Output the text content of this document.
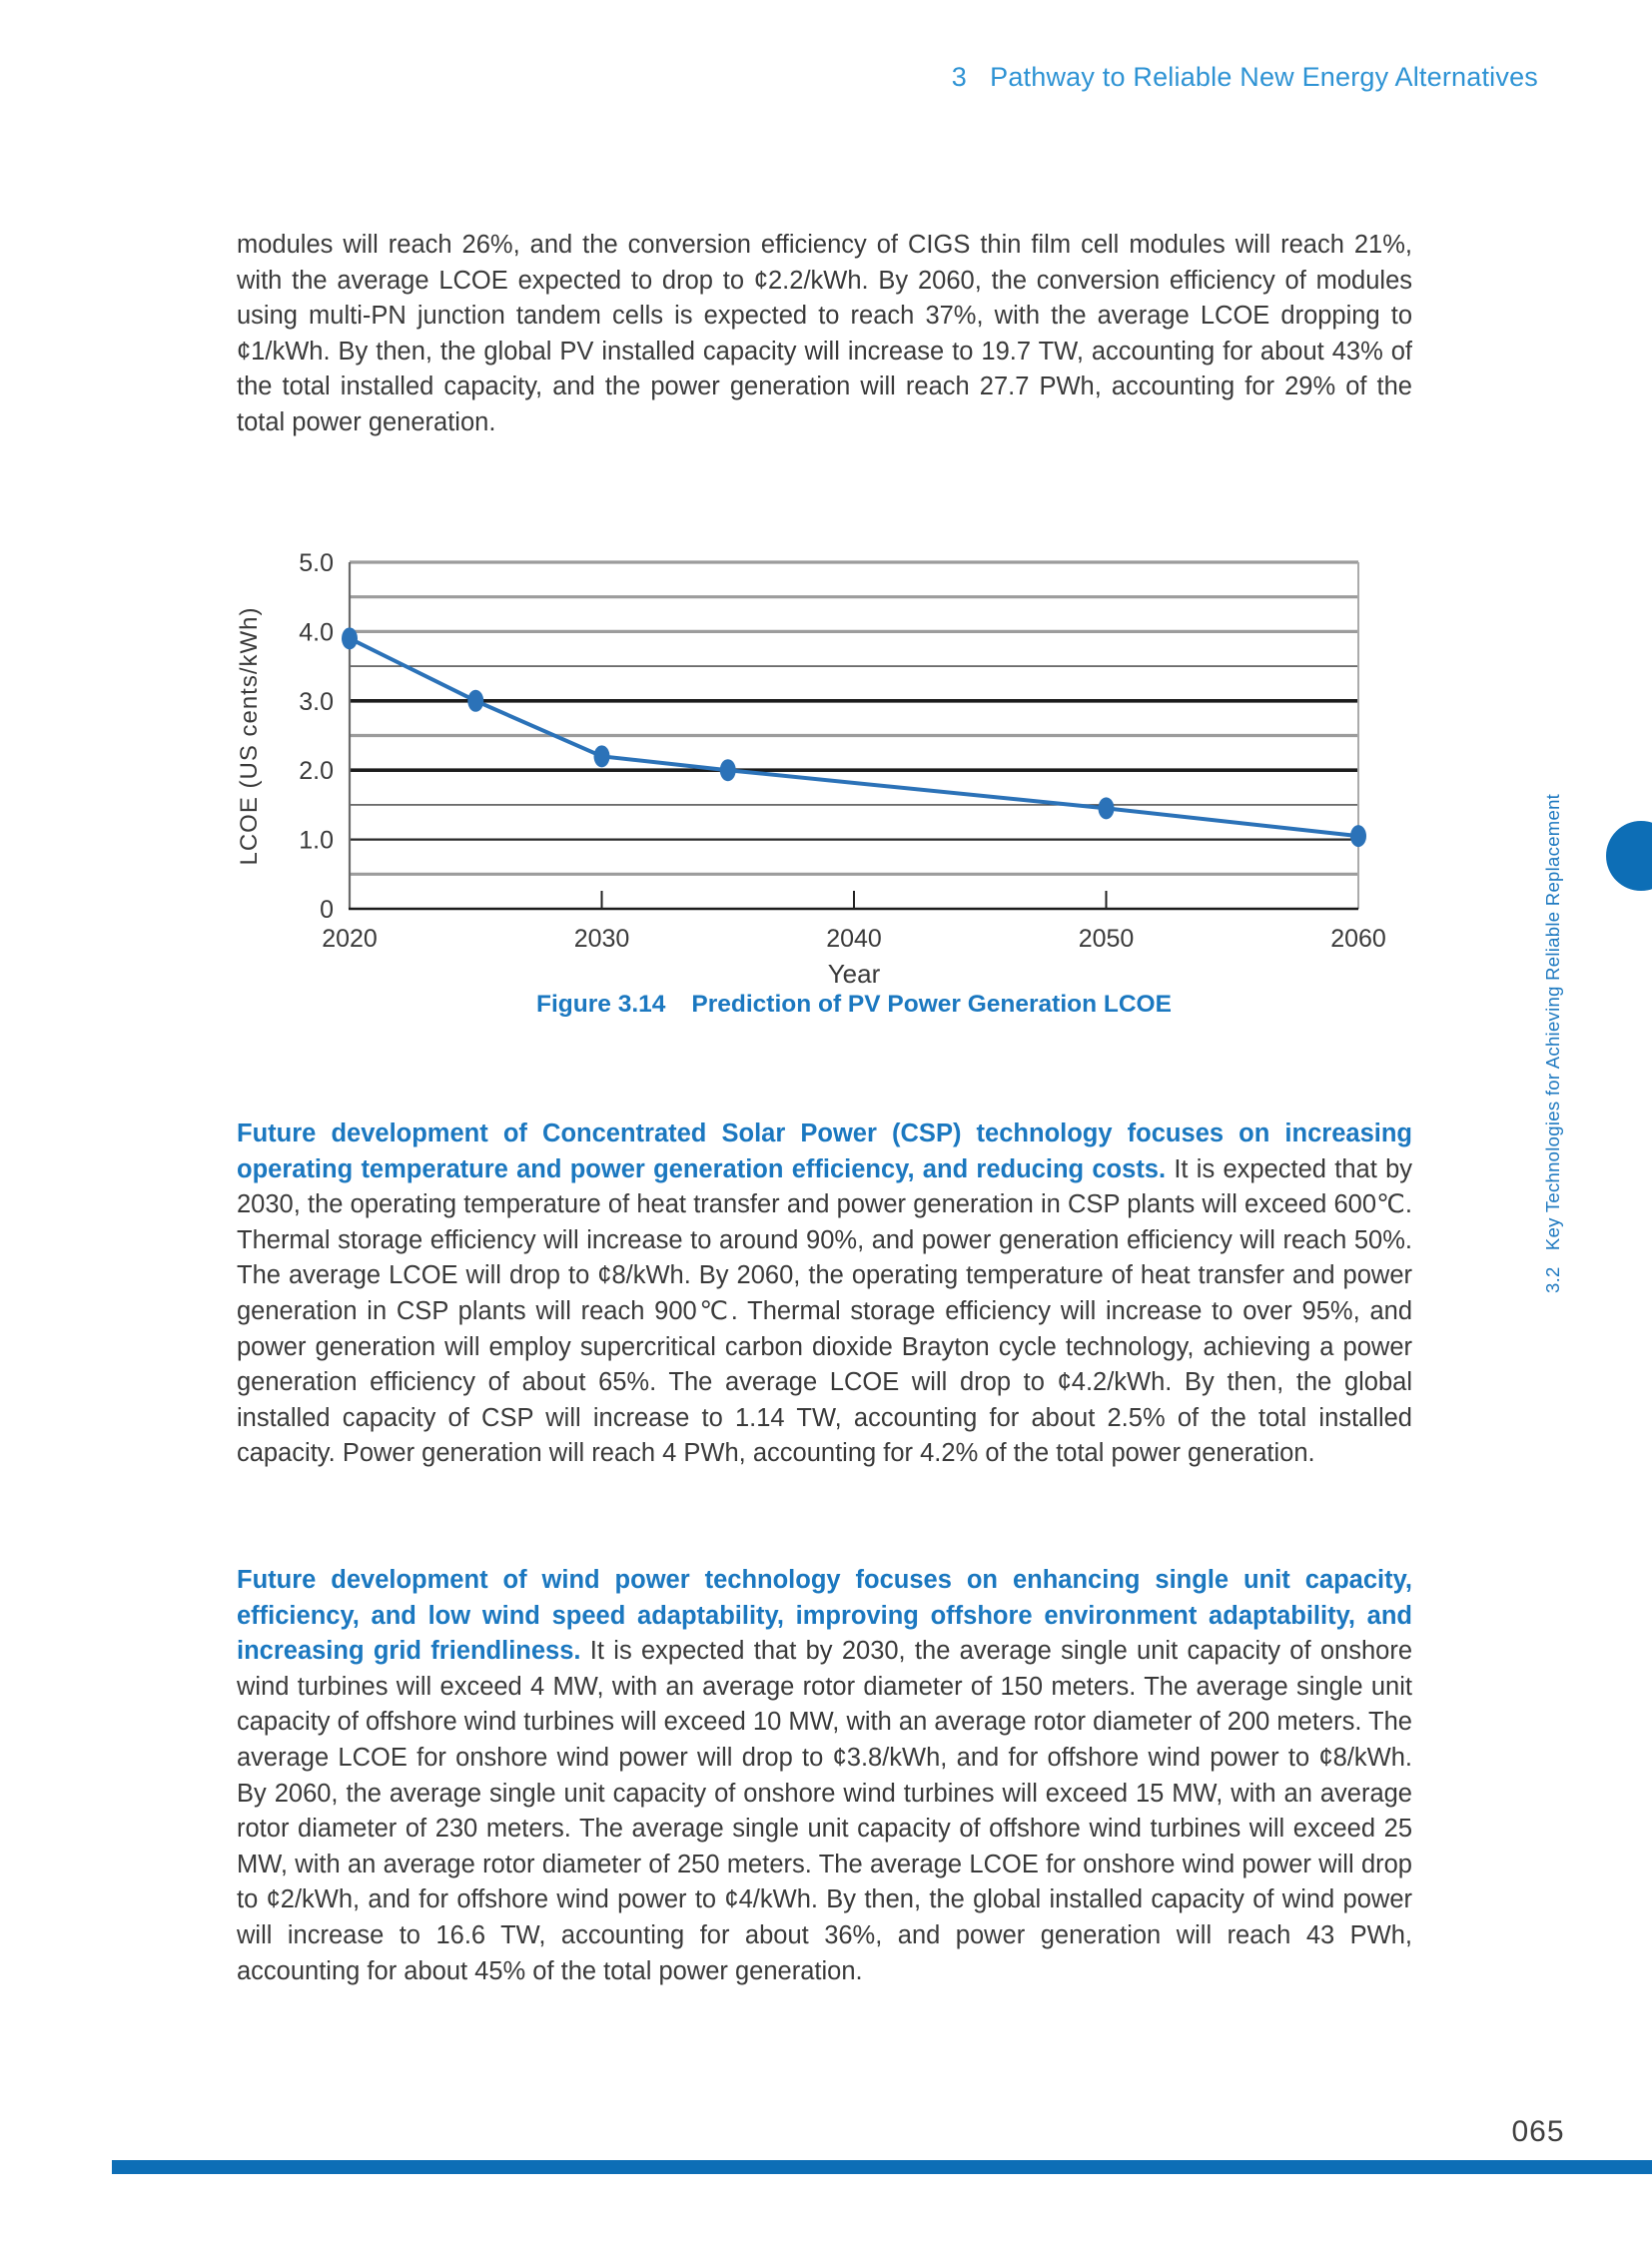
3   Pathway to Reliable New Energy Alternatives
modules will reach 26%, and the conversion efficiency of CIGS thin film cell modules will reach 21%, with the average LCOE expected to drop to ¢2.2/kWh. By 2060, the conversion efficiency of modules using multi-PN junction tandem cells is expected to reach 37%, with the average LCOE dropping to ¢1/kWh. By then, the global PV installed capacity will increase to 19.7 TW, accounting for about 43% of the total installed capacity, and the power generation will reach 27.7 PWh, accounting for 29% of the total power generation.
0
1.0
2.0
3.0
4.0
5.0
2020	2030	2040	2050	2060
Year
LCOE (US cents/kWh)
Figure 3.14 Prediction of PV Power Generation LCOE
Future development of Concentrated Solar Power (CSP) technology focuses on increasing operating temperature and power generation efficiency, and reducing costs. It is expected that by 2030, the operating temperature of heat transfer and power generation in CSP plants will exceed 600℃. Thermal storage efficiency will increase to around 90%, and power generation efficiency will reach 50%. The average LCOE will drop to ¢8/kWh. By 2060, the operating temperature of heat transfer and power generation in CSP plants will reach 900℃. Thermal storage efficiency will increase to over 95%, and power generation will employ supercritical carbon dioxide Brayton cycle technology, achieving a power generation efficiency of about 65%. The average LCOE will drop to ¢4.2/kWh. By then, the global installed capacity of CSP will increase to 1.14 TW, accounting for about 2.5% of the total installed capacity. Power generation will reach 4 PWh, accounting for 4.2% of the total power generation.
Future development of wind power technology focuses on enhancing single unit capacity, efficiency, and low wind speed adaptability, improving offshore environment adaptability, and increasing grid friendliness. It is expected that by 2030, the average single unit capacity of onshore wind turbines will exceed 4 MW, with an average rotor diameter of 150 meters. The average single unit capacity of offshore wind turbines will exceed 10 MW, with an average rotor diameter of 200 meters. The average LCOE for onshore wind power will drop to ¢3.8/kWh, and for offshore wind power to ¢8/kWh. By 2060, the average single unit capacity of onshore wind turbines will exceed 15 MW, with an average rotor diameter of 230 meters. The average single unit capacity of offshore wind turbines will exceed 25 MW, with an average rotor diameter of 250 meters. The average LCOE for onshore wind power will drop to ¢2/kWh, and for offshore wind power to ¢4/kWh. By then, the global installed capacity of wind power will increase to 16.6 TW, accounting for about 36%, and power generation will reach 43 PWh, accounting for about 45% of the total power generation.
3.2   Key Technologies for Achieving Reliable Replacement
065
